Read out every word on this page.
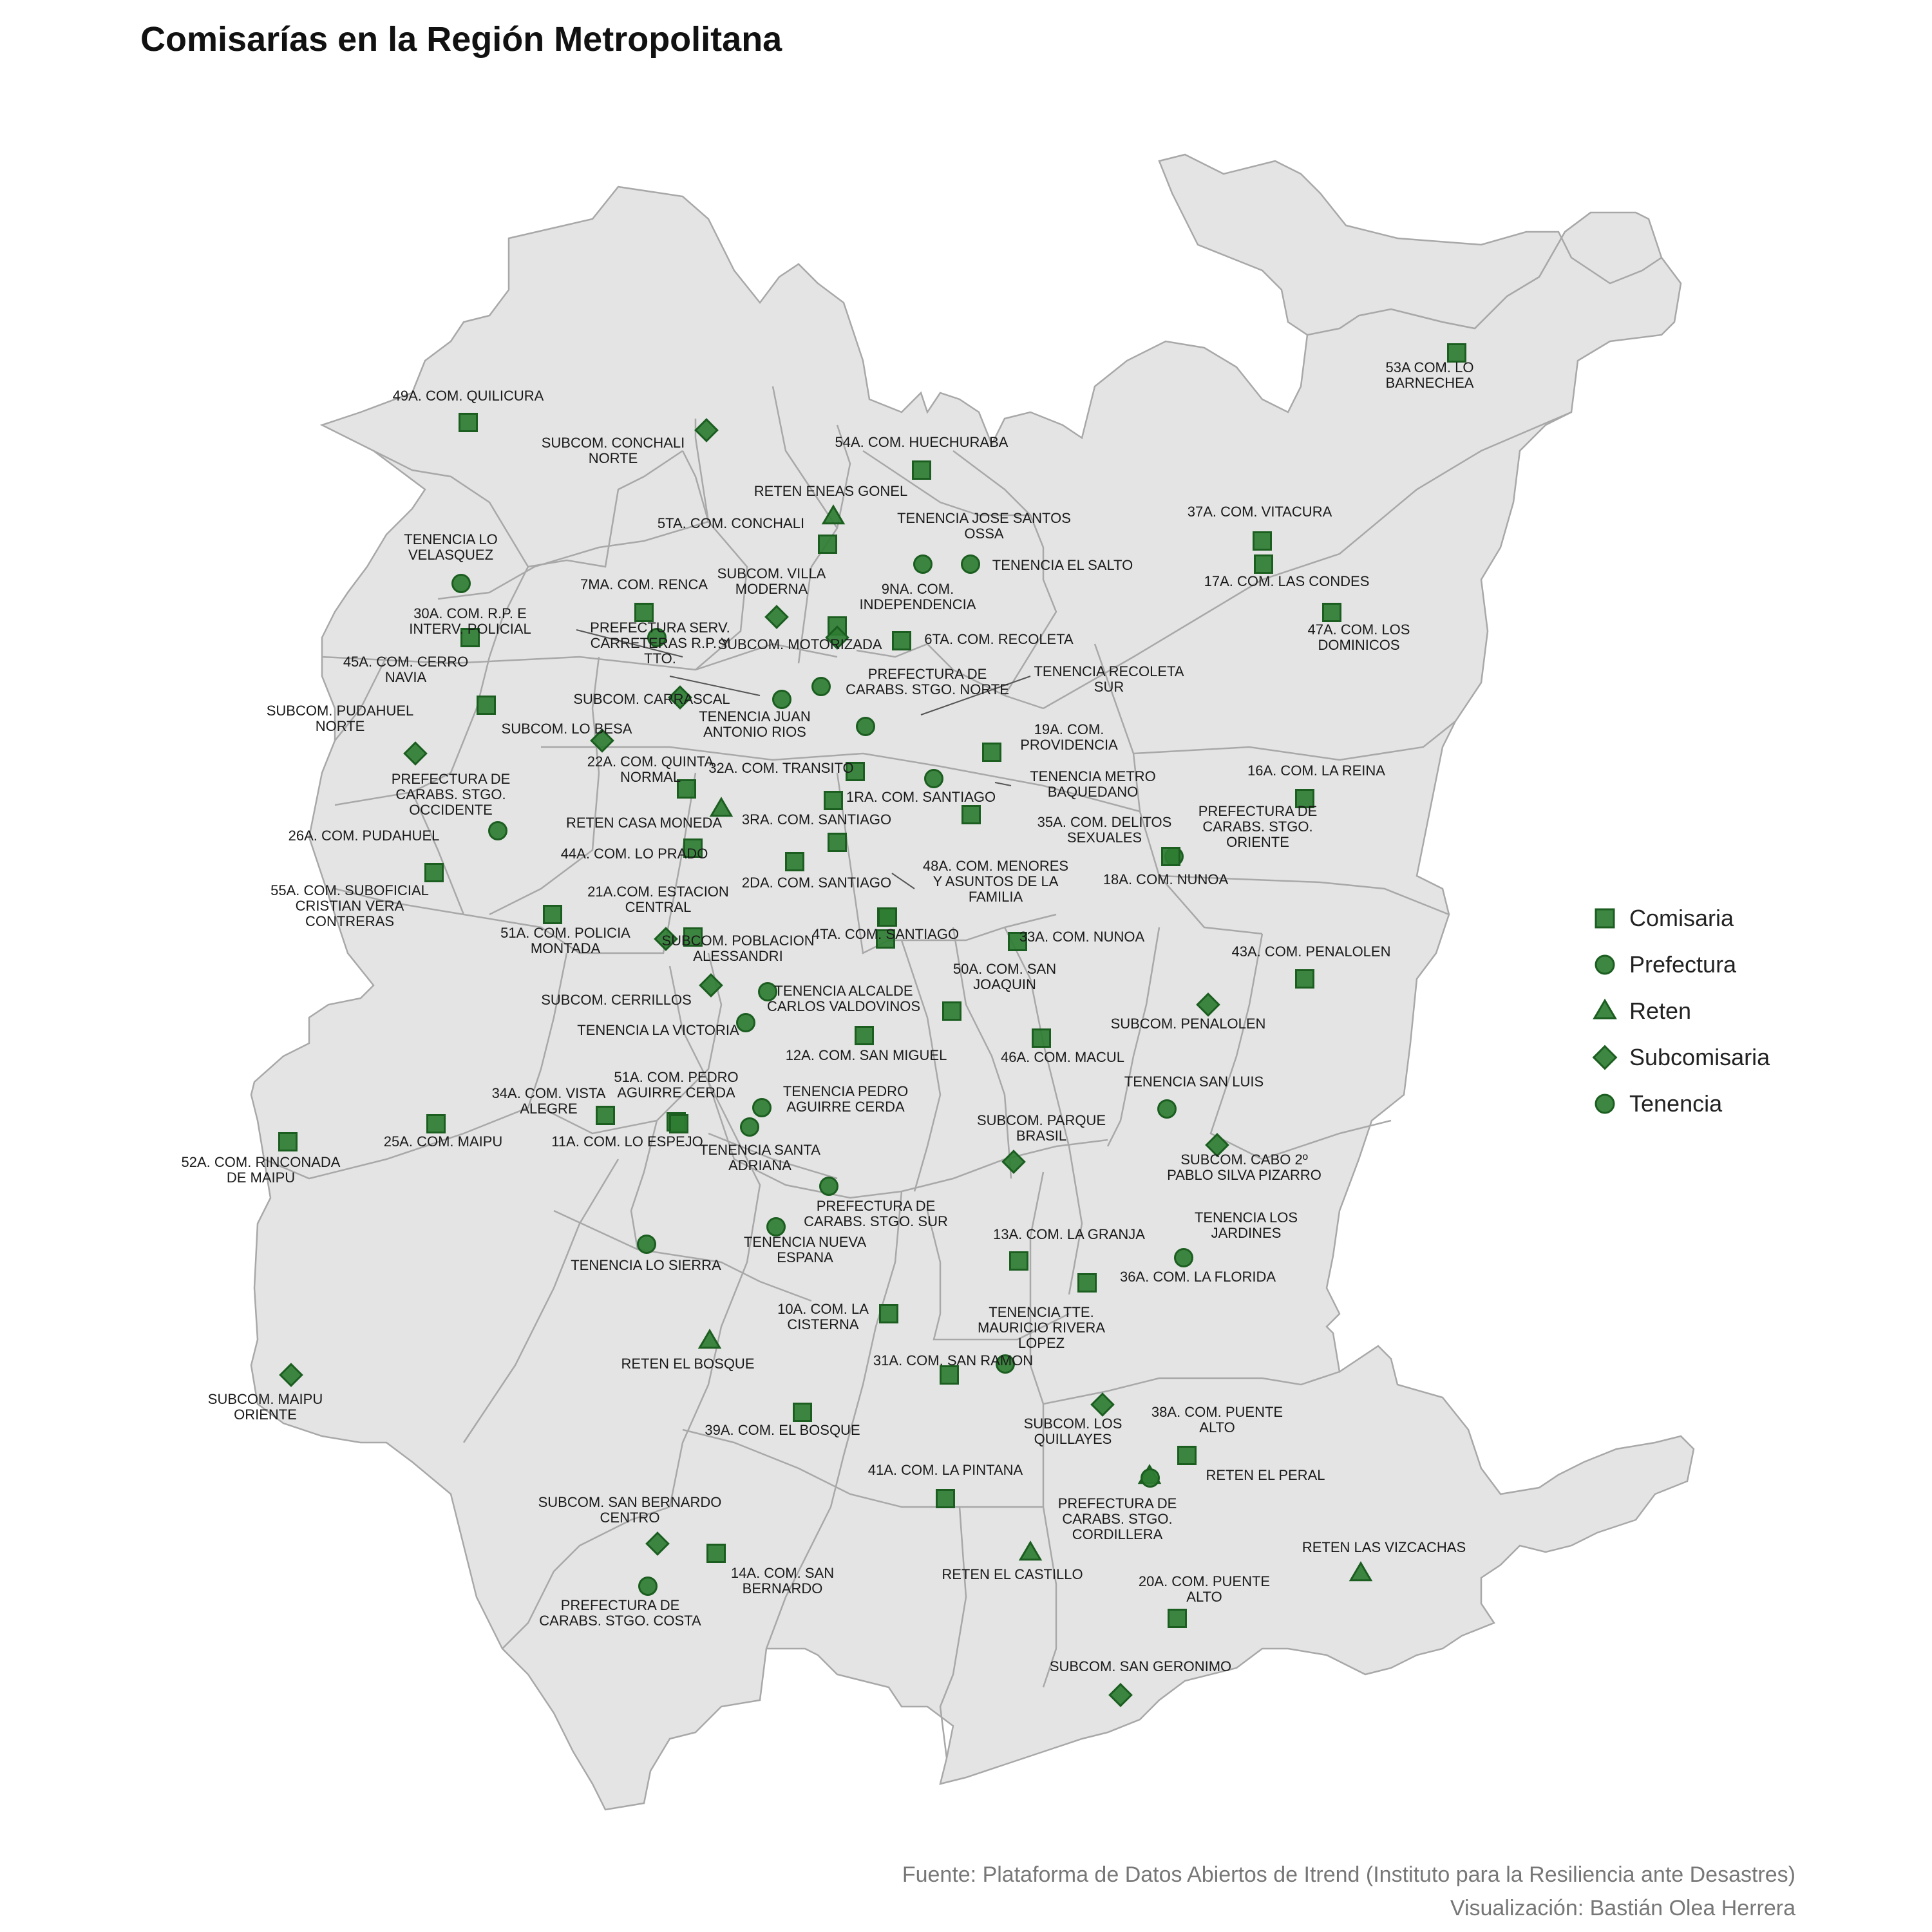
Comisarías en la Región Metropolitana
53A COM. LO BARNECHEA
49A. COM. QUILICURA
SUBCOM. CONCHALI NORTE
54A. COM. HUECHURABA
RETEN ENEAS GONEL
5TA. COM. CONCHALI	TENENCIA JOSE SANTOS OSSA
TENENCIA EL SALTO
37A. COM. VITACURA
17A. COM. LAS CONDES
TENENCIA LO VELASQUEZ
7MA. COM. RENCA
SUBCOM. VILLA MODERNA	9NA. COM. INDEPENDENCIA
47A. COM. LOS DOMINICOS
30A. COM. R.P. E INTERV. POLICIAL	PREFECTURA SERV. CARRETERAS R.P. Y TTO.
SUBCOM. MOTORIZADA	6TA. COM. RECOLETA
45A. COM. CERRO NAVIA	PREFECTURA DE CARABS. STGO. NORTE
TENENCIA RECOLETA SUR
SUBCOM. CARRASCAL
TENENCIA JUAN ANTONIO RIOS
SUBCOM. PUDAHUEL NORTE	SUBCOM. LO BESA	19A. COM. PROVIDENCIA
22A. COM. QUINTA NORMAL
32A. COM. TRANSITO
TENENCIA METRO BAQUEDANO
16A. COM. LA REINA
PREFECTURA DE CARABS. STGO. OCCIDENTE
1RA. COM. SANTIAGO
RETEN CASA MONEDA 3RA. COM. SANTIAGO	35A. COM. DELITOS SEXUALES
PREFECTURA DE CARABS. STGO. ORIENTE
26A. COM. PUDAHUEL
44A. COM. LO PRADO
2DA. COM. SANTIAGO
48A. COM. MENORES Y ASUNTOS DE LA FAMILIA
18A. COM. NUNOA
55A. COM. SUBOFICIAL CRISTIAN VERA CONTRERAS
21A.COM. ESTACION CENTRAL
4TA. COM. SANTIAGO	33A. COM. NUNOA
51A. COM. POLICIA MONTADA	SUBCOM. POBLACION ALESSANDRI	43A. COM. PENALOLEN
50A. COM. SAN JOAQUIN
SUBCOM. CERRILLOS
TENENCIA ALCALDE CARLOS VALDOVINOS
SUBCOM. PENALOLEN
TENENCIA LA VICTORIA
12A. COM. SAN MIGUEL	46A. COM. MACUL
TENENCIA SAN LUIS
51A. COM. PEDRO AGUIRRE CERDA	TENENCIA PEDRO AGUIRRE CERDA
34A. COM. VISTA ALEGRE
25A. COM. MAIPU	11A. COM. LO ESPEJO
52A. COM. RINCONADA DE MAIPU
TENENCIA SANTA ADRIANA
SUBCOM. PARQUE BRASIL
SUBCOM. CABO 2º PABLO SILVA PIZARRO
PREFECTURA DE CARABS. STGO. SUR
TENENCIA LO SIERRA
TENENCIA NUEVA ESPANA
13A. COM. LA GRANJA
TENENCIA LOS JARDINES
36A. COM. LA FLORIDA
10A. COM. LA CISTERNA
TENENCIA TTE. MAURICIO RIVERA LOPEZ
RETEN EL BOSQUE	31A. COM. SAN RAMON
SUBCOM. MAIPU ORIENTE
39A. COM. EL BOSQUE	SUBCOM. LOS QUILLAYES
38A. COM. PUENTE ALTO
RETEN EL PERAL
PREFECTURA DE CARABS. STGO. CORDILLERA
41A. COM. LA PINTANA
SUBCOM. SAN BERNARDO CENTRO
14A. COM. SAN BERNARDO
RETEN EL CASTILLO
RETEN LAS VIZCACHAS
20A. COM. PUENTE ALTO
PREFECTURA DE CARABS. STGO. COSTA
SUBCOM. SAN GERONIMO
Comisaria
Prefectura
Reten
Subcomisaria
Tenencia
Fuente: Plataforma de Datos Abiertos de Itrend (Instituto para la Resiliencia ante Desastres)
Visualización: Bastián Olea Herrera
